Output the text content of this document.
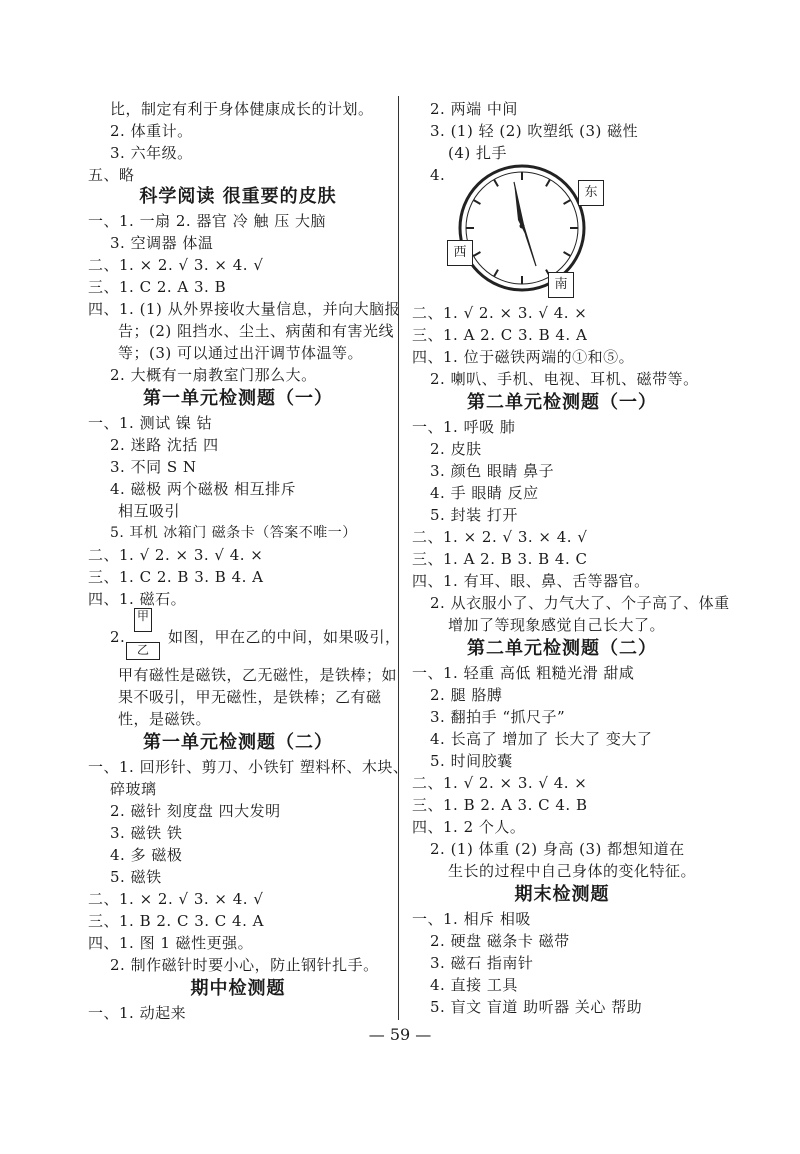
比，制定有利于身体健康成长的计划。
2. 体重计。
3. 六年级。
五、略
科学阅读 很重要的皮肤
一、1. 一扇 2. 器官 冷 触 压 大脑
3. 空调器 体温
二、1. × 2. √ 3. × 4. √
三、1. C 2. A 3. B
四、1. (1) 从外界接收大量信息，并向大脑报
告；(2) 阻挡水、尘土、病菌和有害光线
等；(3) 可以通过出汗调节体温等。
2. 大概有一扇教室门那么大。
第一单元检测题（一）
一、1. 测试 镍 钴
2. 迷路 沈括 四
3. 不同 S N
4. 磁极 两个磁极 相互排斥
相互吸引
5. 耳机 冰箱门 磁条卡（答案不唯一）
二、1. √ 2. × 3. √ 4. ×
三、1. C 2. B 3. B 4. A
四、1. 磁石。
2.
甲
乙
如图，甲在乙的中间，如果吸引，
甲有磁性是磁铁，乙无磁性，是铁棒；如
果不吸引，甲无磁性，是铁棒；乙有磁
性，是磁铁。
第一单元检测题（二）
一、1. 回形针、剪刀、小铁钉 塑料杯、木块、
碎玻璃
2. 磁针 刻度盘 四大发明
3. 磁铁 铁
4. 多 磁极
5. 磁铁
二、1. × 2. √ 3. × 4. √
三、1. B 2. C 3. C 4. A
四、1. 图 1 磁性更强。
2. 制作磁针时要小心，防止钢针扎手。
期中检测题
一、1. 动起来
2. 两端 中间
3. (1) 轻 (2) 吹塑纸 (3) 磁性
(4) 扎手
4.
二、1. √ 2. × 3. √ 4. ×
三、1. A 2. C 3. B 4. A
四、1. 位于磁铁两端的①和⑤。
2. 喇叭、手机、电视、耳机、磁带等。
第二单元检测题（一）
一、1. 呼吸 肺
2. 皮肤
3. 颜色 眼睛 鼻子
4. 手 眼睛 反应
5. 封装 打开
二、1. × 2. √ 3. × 4. √
三、1. A 2. B 3. B 4. C
四、1. 有耳、眼、鼻、舌等器官。
2. 从衣服小了、力气大了、个子高了、体重
增加了等现象感觉自己长大了。
第二单元检测题（二）
一、1. 轻重 高低 粗糙光滑 甜咸
2. 腿 胳膊
3. 翻拍手 “抓尺子”
4. 长高了 增加了 长大了 变大了
5. 时间胶囊
二、1. √ 2. × 3. √ 4. ×
三、1. B 2. A 3. C 4. B
四、1. 2 个人。
2. (1) 体重 (2) 身高 (3) 都想知道在
生长的过程中自己身体的变化特征。
期末检测题
一、1. 相斥 相吸
2. 硬盘 磁条卡 磁带
3. 磁石 指南针
4. 直接 工具
5. 盲文 盲道 助听器 关心 帮助
东
西
南
— 59 —
